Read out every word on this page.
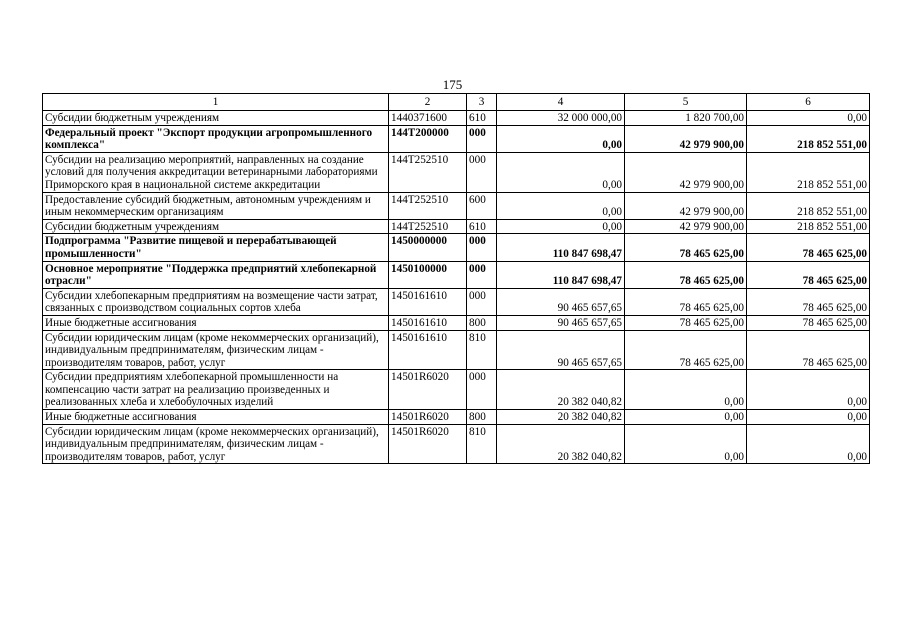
175
1	2	3	4	5	6
Субсидии бюджетным учреждениям	1440371600	610	32 000 000,00	1 820 700,00	0,00
Федеральный проект "Экспорт продукции агропромышленного комплекса"	144T200000	000	0,00	42 979 900,00	218 852 551,00
Субсидии на реализацию мероприятий, направленных на создание условий для получения аккредитации ветеринарными лабораториями Приморского края в национальной системе аккредитации	144T252510	000	0,00	42 979 900,00	218 852 551,00
Предоставление субсидий бюджетным, автономным учреждениям и иным некоммерческим организациям	144T252510	600	0,00	42 979 900,00	218 852 551,00
Субсидии бюджетным учреждениям	144T252510	610	0,00	42 979 900,00	218 852 551,00
Подпрограмма "Развитие пищевой и перерабатывающей промышленности"	1450000000	000	110 847 698,47	78 465 625,00	78 465 625,00
Основное мероприятие "Поддержка предприятий хлебопекарной отрасли"	1450100000	000	110 847 698,47	78 465 625,00	78 465 625,00
Субсидии хлебопекарным предприятиям на возмещение части затрат, связанных с производством социальных сортов хлеба	1450161610	000	90 465 657,65	78 465 625,00	78 465 625,00
Иные бюджетные ассигнования	1450161610	800	90 465 657,65	78 465 625,00	78 465 625,00
Субсидии юридическим лицам (кроме некоммерческих организаций), индивидуальным предпринимателям, физическим лицам - производителям товаров, работ, услуг	1450161610	810	90 465 657,65	78 465 625,00	78 465 625,00
Субсидии предприятиям хлебопекарной промышленности на компенсацию части затрат на реализацию произведенных и реализованных хлеба и хлебобулочных изделий	14501R6020	000	20 382 040,82	0,00	0,00
Иные бюджетные ассигнования	14501R6020	800	20 382 040,82	0,00	0,00
Субсидии юридическим лицам (кроме некоммерческих организаций), индивидуальным предпринимателям, физическим лицам - производителям товаров, работ, услуг	14501R6020	810	20 382 040,82	0,00	0,00
